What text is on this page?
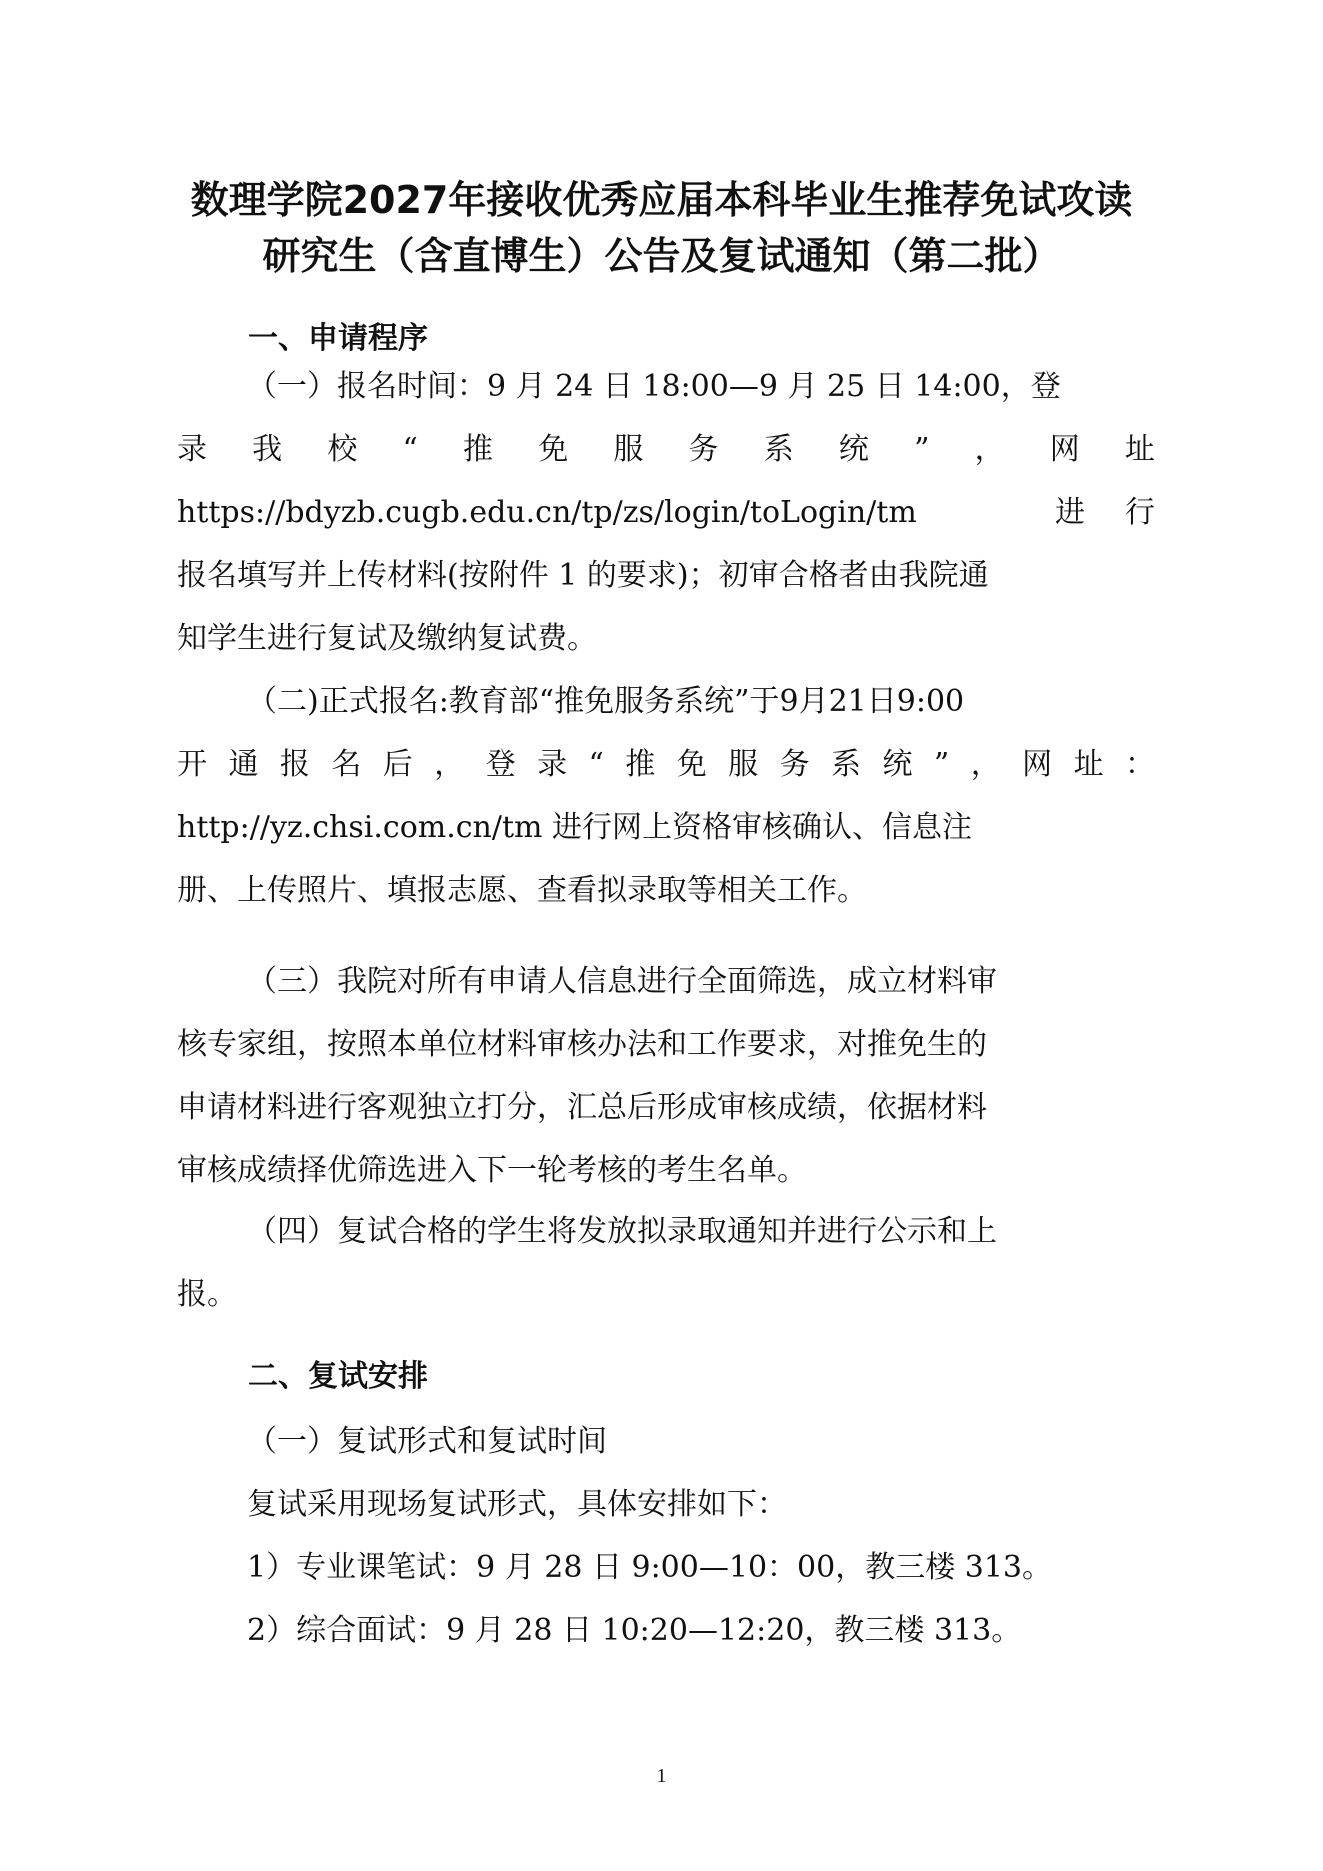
数理学院2027年接收优秀应届本科毕业生推荐免试攻读
研究生（含直博生）公告及复试通知（第二批）
一、申请程序
（一）报名时间：9 月 24 日 18:00—9 月 25 日 14:00，登
录 我 校 “ 推 免 服 务 系 统 ” ， 网 址
https://bdyzb.cugb.edu.cn/tp/zs/login/toLogin/tm	进 行
报名填写并上传材料(按附件 1 的要求)；初审合格者由我院通
知学生进行复试及缴纳复试费。
（二)正式报名:教育部“推免服务系统”于9月21日9:00
开 通 报 名 后 ， 登 录 “ 推 免 服 务 系 统 ” ， 网 址 ：
http://yz.chsi.com.cn/tm 进行网上资格审核确认、信息注
册、上传照片、填报志愿、查看拟录取等相关工作。
（三）我院对所有申请人信息进行全面筛选，成立材料审
核专家组，按照本单位材料审核办法和工作要求，对推免生的
申请材料进行客观独立打分，汇总后形成审核成绩，依据材料
审核成绩择优筛选进入下一轮考核的考生名单。
（四）复试合格的学生将发放拟录取通知并进行公示和上
报。
二、复试安排
（一）复试形式和复试时间
复试采用现场复试形式，具体安排如下：
1）专业课笔试：9 月 28 日 9:00—10：00，教三楼 313。
2）综合面试：9 月 28 日 10:20—12:20，教三楼 313。
1
